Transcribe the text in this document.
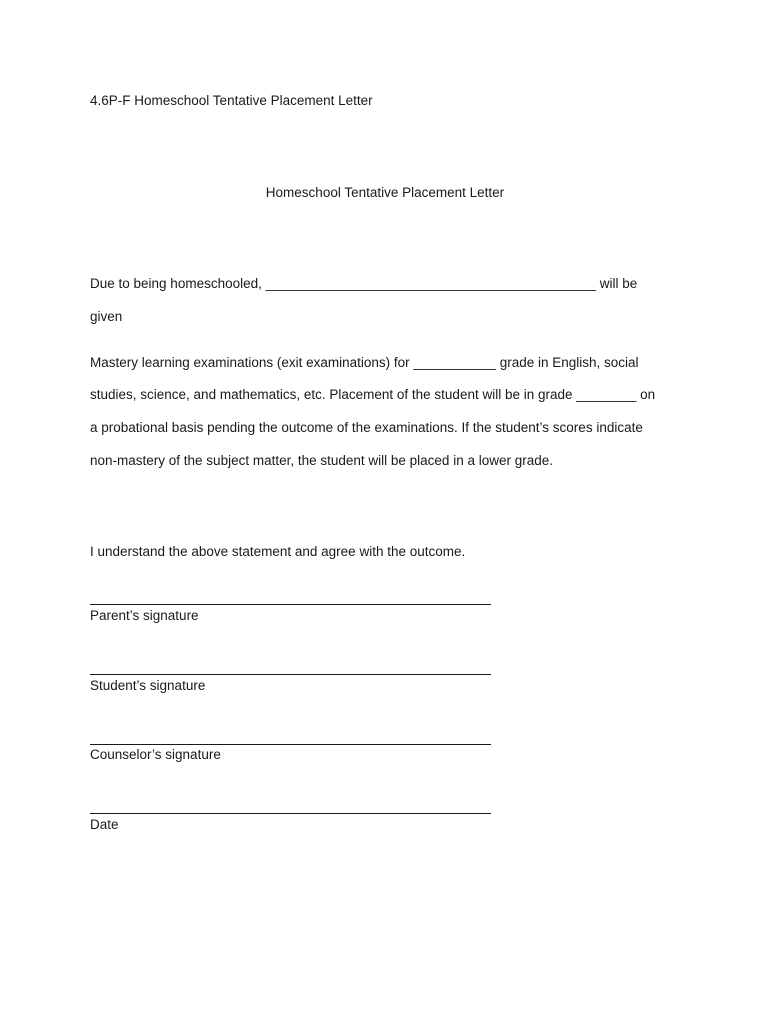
4.6P-F Homeschool Tentative Placement Letter

Homeschool Tentative Placement Letter

Due to being homeschooled, ____________________________________________ will be

given

Mastery learning examinations (exit examinations) for ___________ grade in English, social

studies, science, and mathematics, etc. Placement of the student will be in grade ________ on

a probational basis pending the outcome of the examinations. If the student’s scores indicate

non-mastery of the subject matter, the student will be placed in a lower grade.

I understand the above statement and agree with the outcome.

Parent’s signature

Student’s signature

Counselor’s signature

Date
